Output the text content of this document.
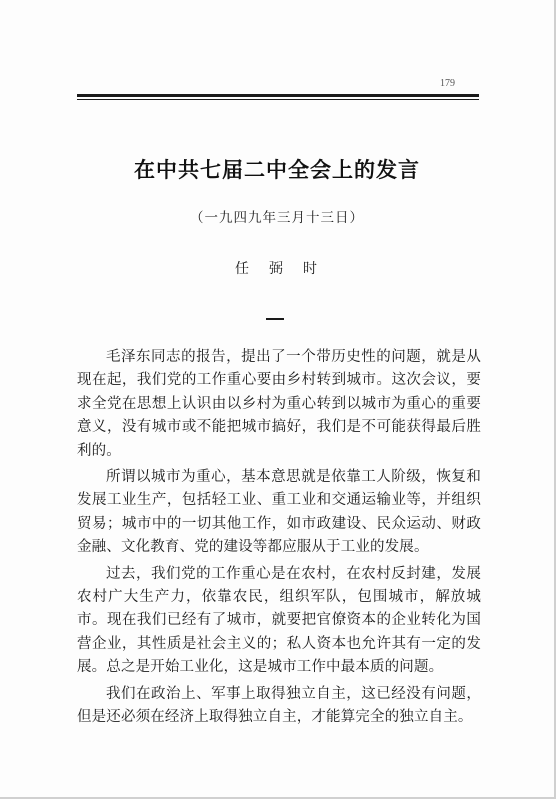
179
在中共七届二中全会上的发言
（一九四九年三月十三日）
任弼时

毛泽东同志的报告，提出了一个带历史性的问题，就是从现在起，我们党的工作重心要由乡村转到城市。这次会议，要求全党在思想上认识由以乡村为重心转到以城市为重心的重要意义，没有城市或不能把城市搞好，我们是不可能获得最后胜利的。

所谓以城市为重心，基本意思就是依靠工人阶级，恢复和发展工业生产，包括轻工业、重工业和交通运输业等，并组织贸易；城市中的一切其他工作，如市政建设、民众运动、财政金融、文化教育、党的建设等都应服从于工业的发展。

过去，我们党的工作重心是在农村，在农村反封建，发展农村广大生产力，依靠农民，组织军队，包围城市，解放城市。现在我们已经有了城市，就要把官僚资本的企业转化为国营企业，其性质是社会主义的；私人资本也允许其有一定的发展。总之是开始工业化，这是城市工作中最本质的问题。

我们在政治上、军事上取得独立自主，这已经没有问题，但是还必须在经济上取得独立自主，才能算完全的独立自主。
